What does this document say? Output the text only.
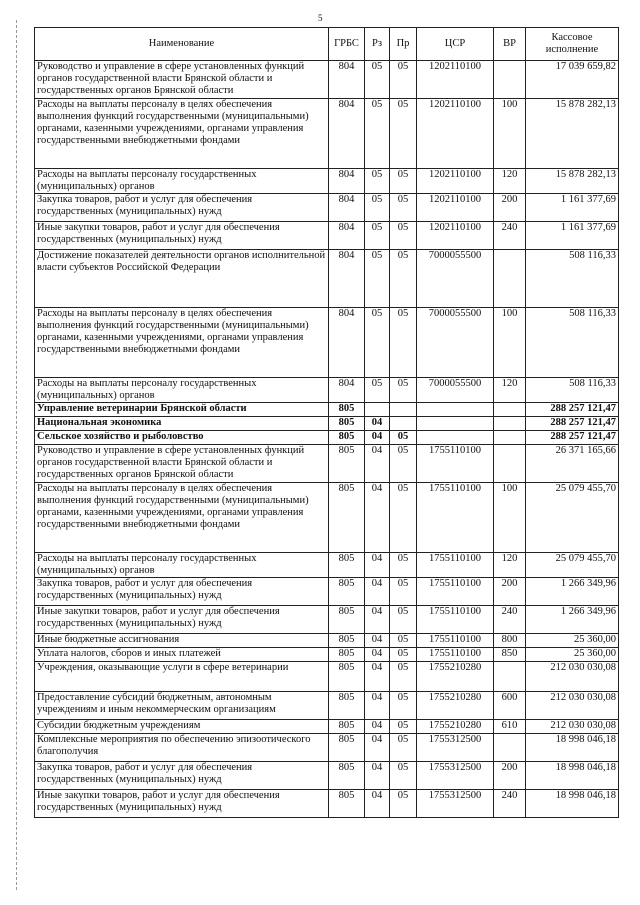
5
Наименование	ГРБС	Рз	Пр	ЦСР	ВР	Кассовое исполнение
Руководство и управление в сфере установленных функций органов государственной власти Брянской области и государственных органов Брянской области	804	05	05	1202110100		17 039 659,82
Расходы на выплаты персоналу в целях обеспечения выполнения функций государственными (муниципальными) органами, казенными учреждениями, органами управления государственными внебюджетными фондами	804	05	05	1202110100	100	15 878 282,13
Расходы на выплаты персоналу государственных (муниципальных) органов	804	05	05	1202110100	120	15 878 282,13
Закупка товаров, работ и услуг для обеспечения государственных (муниципальных) нужд	804	05	05	1202110100	200	1 161 377,69
Иные закупки товаров, работ и услуг для обеспечения государственных (муниципальных) нужд	804	05	05	1202110100	240	1 161 377,69
Достижение показателей деятельности органов исполнительной власти субъектов Российской Федерации	804	05	05	7000055500		508 116,33
Расходы на выплаты персоналу в целях обеспечения выполнения функций государственными (муниципальными) органами, казенными учреждениями, органами управления государственными внебюджетными фондами	804	05	05	7000055500	100	508 116,33
Расходы на выплаты персоналу государственных (муниципальных) органов	804	05	05	7000055500	120	508 116,33
Управление ветеринарии Брянской области	805					288 257 121,47
Национальная экономика	805	04				288 257 121,47
Сельское хозяйство и рыболовство	805	04	05			288 257 121,47
Руководство и управление в сфере установленных функций органов государственной власти Брянской области и государственных органов Брянской области	805	04	05	1755110100		26 371 165,66
Расходы на выплаты персоналу в целях обеспечения выполнения функций государственными (муниципальными) органами, казенными учреждениями, органами управления государственными внебюджетными фондами	805	04	05	1755110100	100	25 079 455,70
Расходы на выплаты персоналу государственных (муниципальных) органов	805	04	05	1755110100	120	25 079 455,70
Закупка товаров, работ и услуг для обеспечения государственных (муниципальных) нужд	805	04	05	1755110100	200	1 266 349,96
Иные закупки товаров, работ и услуг для обеспечения государственных (муниципальных) нужд	805	04	05	1755110100	240	1 266 349,96
Иные бюджетные ассигнования	805	04	05	1755110100	800	25 360,00
Уплата налогов, сборов и иных платежей	805	04	05	1755110100	850	25 360,00
Учреждения, оказывающие услуги в сфере ветеринарии	805	04	05	1755210280		212 030 030,08
Предоставление субсидий бюджетным, автономным учреждениям и иным некоммерческим организациям	805	04	05	1755210280	600	212 030 030,08
Субсидии бюджетным учреждениям	805	04	05	1755210280	610	212 030 030,08
Комплексные мероприятия по обеспечению эпизоотического благополучия	805	04	05	1755312500		18 998 046,18
Закупка товаров, работ и услуг для обеспечения государственных (муниципальных) нужд	805	04	05	1755312500	200	18 998 046,18
Иные закупки товаров, работ и услуг для обеспечения государственных (муниципальных) нужд	805	04	05	1755312500	240	18 998 046,18
